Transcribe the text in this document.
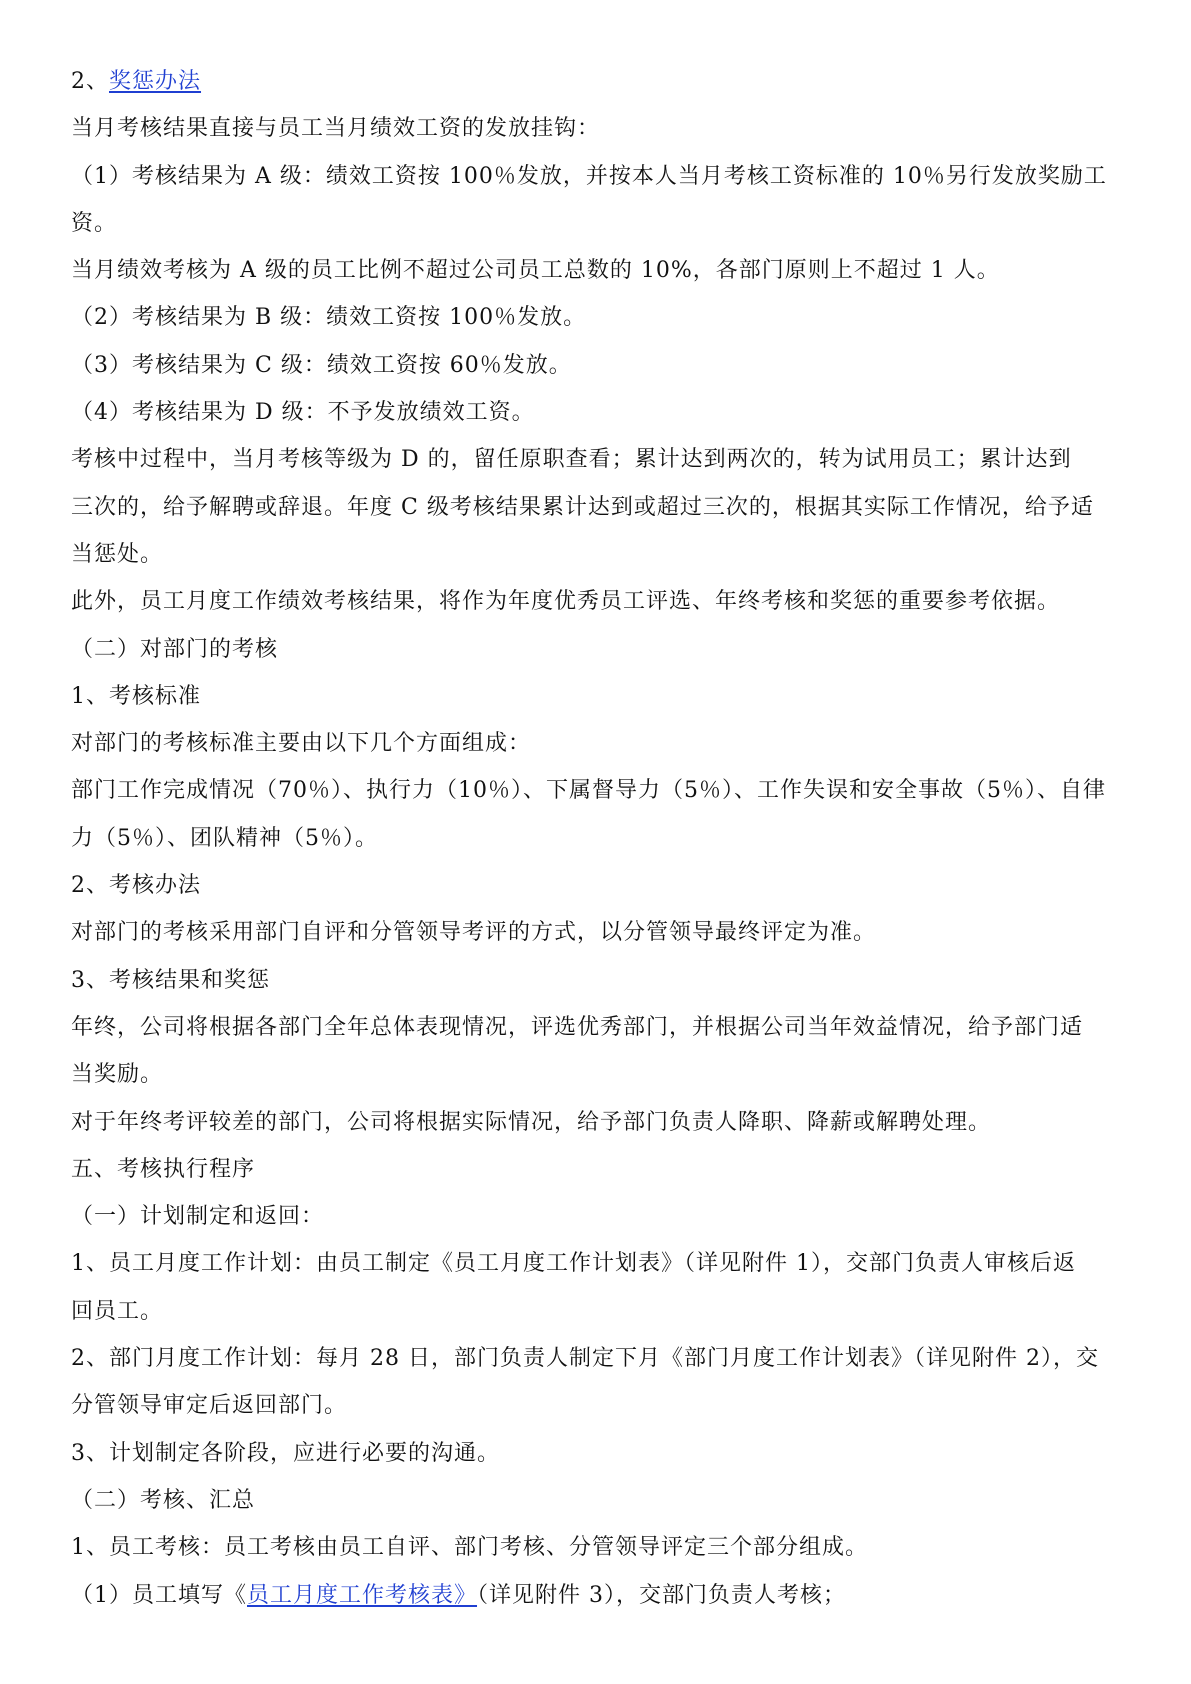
2、奖惩办法
当月考核结果直接与员工当月绩效工资的发放挂钩：
（1）考核结果为 A 级：绩效工资按 100％发放，并按本人当月考核工资标准的 10％另行发放奖励工
资。
当月绩效考核为 A 级的员工比例不超过公司员工总数的 10%，各部门原则上不超过 1 人。
（2）考核结果为 B 级：绩效工资按 100％发放。
（3）考核结果为 C 级：绩效工资按 60％发放。
（4）考核结果为 D 级：不予发放绩效工资。
考核中过程中，当月考核等级为 D 的，留任原职查看；累计达到两次的，转为试用员工；累计达到
三次的，给予解聘或辞退。年度 C 级考核结果累计达到或超过三次的，根据其实际工作情况，给予适
当惩处。
此外，员工月度工作绩效考核结果，将作为年度优秀员工评选、年终考核和奖惩的重要参考依据。
（二）对部门的考核
1、考核标准
对部门的考核标准主要由以下几个方面组成：
部门工作完成情况（70％）、执行力（10％）、下属督导力（5％）、工作失误和安全事故（5％）、自律
力（5％）、团队精神（5％）。
2、考核办法
对部门的考核采用部门自评和分管领导考评的方式，以分管领导最终评定为准。
3、考核结果和奖惩
年终，公司将根据各部门全年总体表现情况，评选优秀部门，并根据公司当年效益情况，给予部门适
当奖励。
对于年终考评较差的部门，公司将根据实际情况，给予部门负责人降职、降薪或解聘处理。
五、考核执行程序
（一）计划制定和返回：
1、员工月度工作计划：由员工制定《员工月度工作计划表》（详见附件 1），交部门负责人审核后返
回员工。
2、部门月度工作计划：每月 28 日，部门负责人制定下月《部门月度工作计划表》（详见附件 2），交
分管领导审定后返回部门。
3、计划制定各阶段，应进行必要的沟通。
（二）考核、汇总
1、员工考核：员工考核由员工自评、部门考核、分管领导评定三个部分组成。
（1）员工填写《员工月度工作考核表》（详见附件 3），交部门负责人考核；
